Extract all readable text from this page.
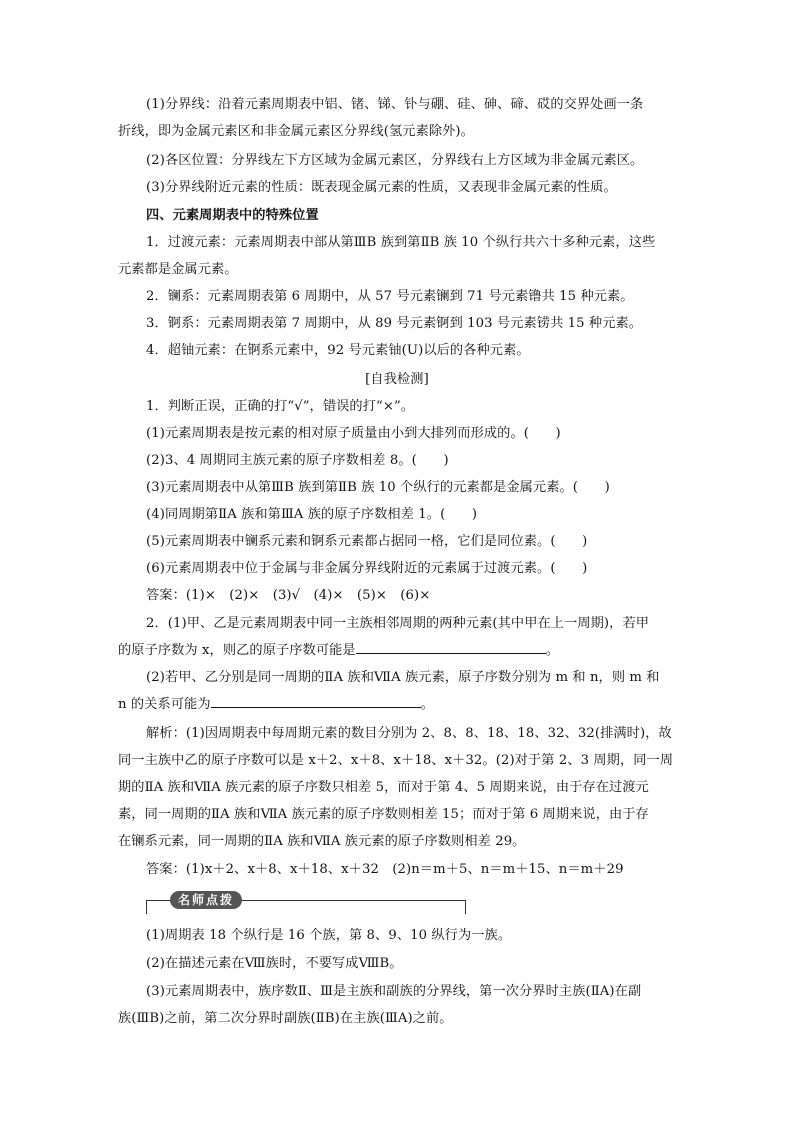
(1)分界线：沿着元素周期表中铝、锗、锑、钋与硼、硅、砷、碲、砹的交界处画一条
折线，即为金属元素区和非金属元素区分界线(氢元素除外)。
(2)各区位置：分界线左下方区域为金属元素区，分界线右上方区域为非金属元素区。
(3)分界线附近元素的性质：既表现金属元素的性质，又表现非金属元素的性质。
四、元素周期表中的特殊位置
1．过渡元素：元素周期表中部从第ⅢB 族到第ⅡB 族 10 个纵行共六十多种元素，这些
元素都是金属元素。
2．镧系：元素周期表第 6 周期中，从 57 号元素镧到 71 号元素镥共 15 种元素。
3．锕系：元素周期表第 7 周期中，从 89 号元素锕到 103 号元素铹共 15 种元素。
4．超铀元素：在锕系元素中，92 号元素铀(U)以后的各种元素。
[自我检测]
1．判断正误，正确的打“√”，错误的打“×”。
(1)元素周期表是按元素的相对原子质量由小到大排列而形成的。(　　)
(2)3、4 周期同主族元素的原子序数相差 8。(　　)
(3)元素周期表中从第ⅢB 族到第ⅡB 族 10 个纵行的元素都是金属元素。(　　)
(4)同周期第ⅡA 族和第ⅢA 族的原子序数相差 1。(　　)
(5)元素周期表中镧系元素和锕系元素都占据同一格，它们是同位素。(　　)
(6)元素周期表中位于金属与非金属分界线附近的元素属于过渡元素。(　　)
答案：(1)×　(2)×　(3)√　(4)×　(5)×　(6)×
2．(1)甲、乙是元素周期表中同一主族相邻周期的两种元素(其中甲在上一周期)，若甲
的原子序数为 x，则乙的原子序数可能是	。
(2)若甲、乙分别是同一周期的ⅡA 族和ⅦA 族元素，原子序数分别为 m 和 n，则 m 和
n 的关系可能为	。
解析：(1)因周期表中每周期元素的数目分别为 2、8、8、18、18、32、32(排满时)，故
同一主族中乙的原子序数可以是 x＋2、x＋8、x＋18、x＋32。(2)对于第 2、3 周期，同一周
期的ⅡA 族和ⅦA 族元素的原子序数只相差 5，而对于第 4、5 周期来说，由于存在过渡元
素，同一周期的ⅡA 族和ⅦA 族元素的原子序数则相差 15；而对于第 6 周期来说，由于存
在镧系元素，同一周期的ⅡA 族和ⅦA 族元素的原子序数则相差 29。
答案：(1)x＋2、x＋8、x＋18、x＋32　(2)n＝m＋5、n＝m＋15、n＝m＋29
名师点拨
(1)周期表 18 个纵行是 16 个族，第 8、9、10 纵行为一族。
(2)在描述元素在Ⅷ族时，不要写成ⅧB。
(3)元素周期表中，族序数Ⅱ、Ⅲ是主族和副族的分界线，第一次分界时主族(ⅡA)在副
族(ⅢB)之前，第二次分界时副族(ⅡB)在主族(ⅢA)之前。
